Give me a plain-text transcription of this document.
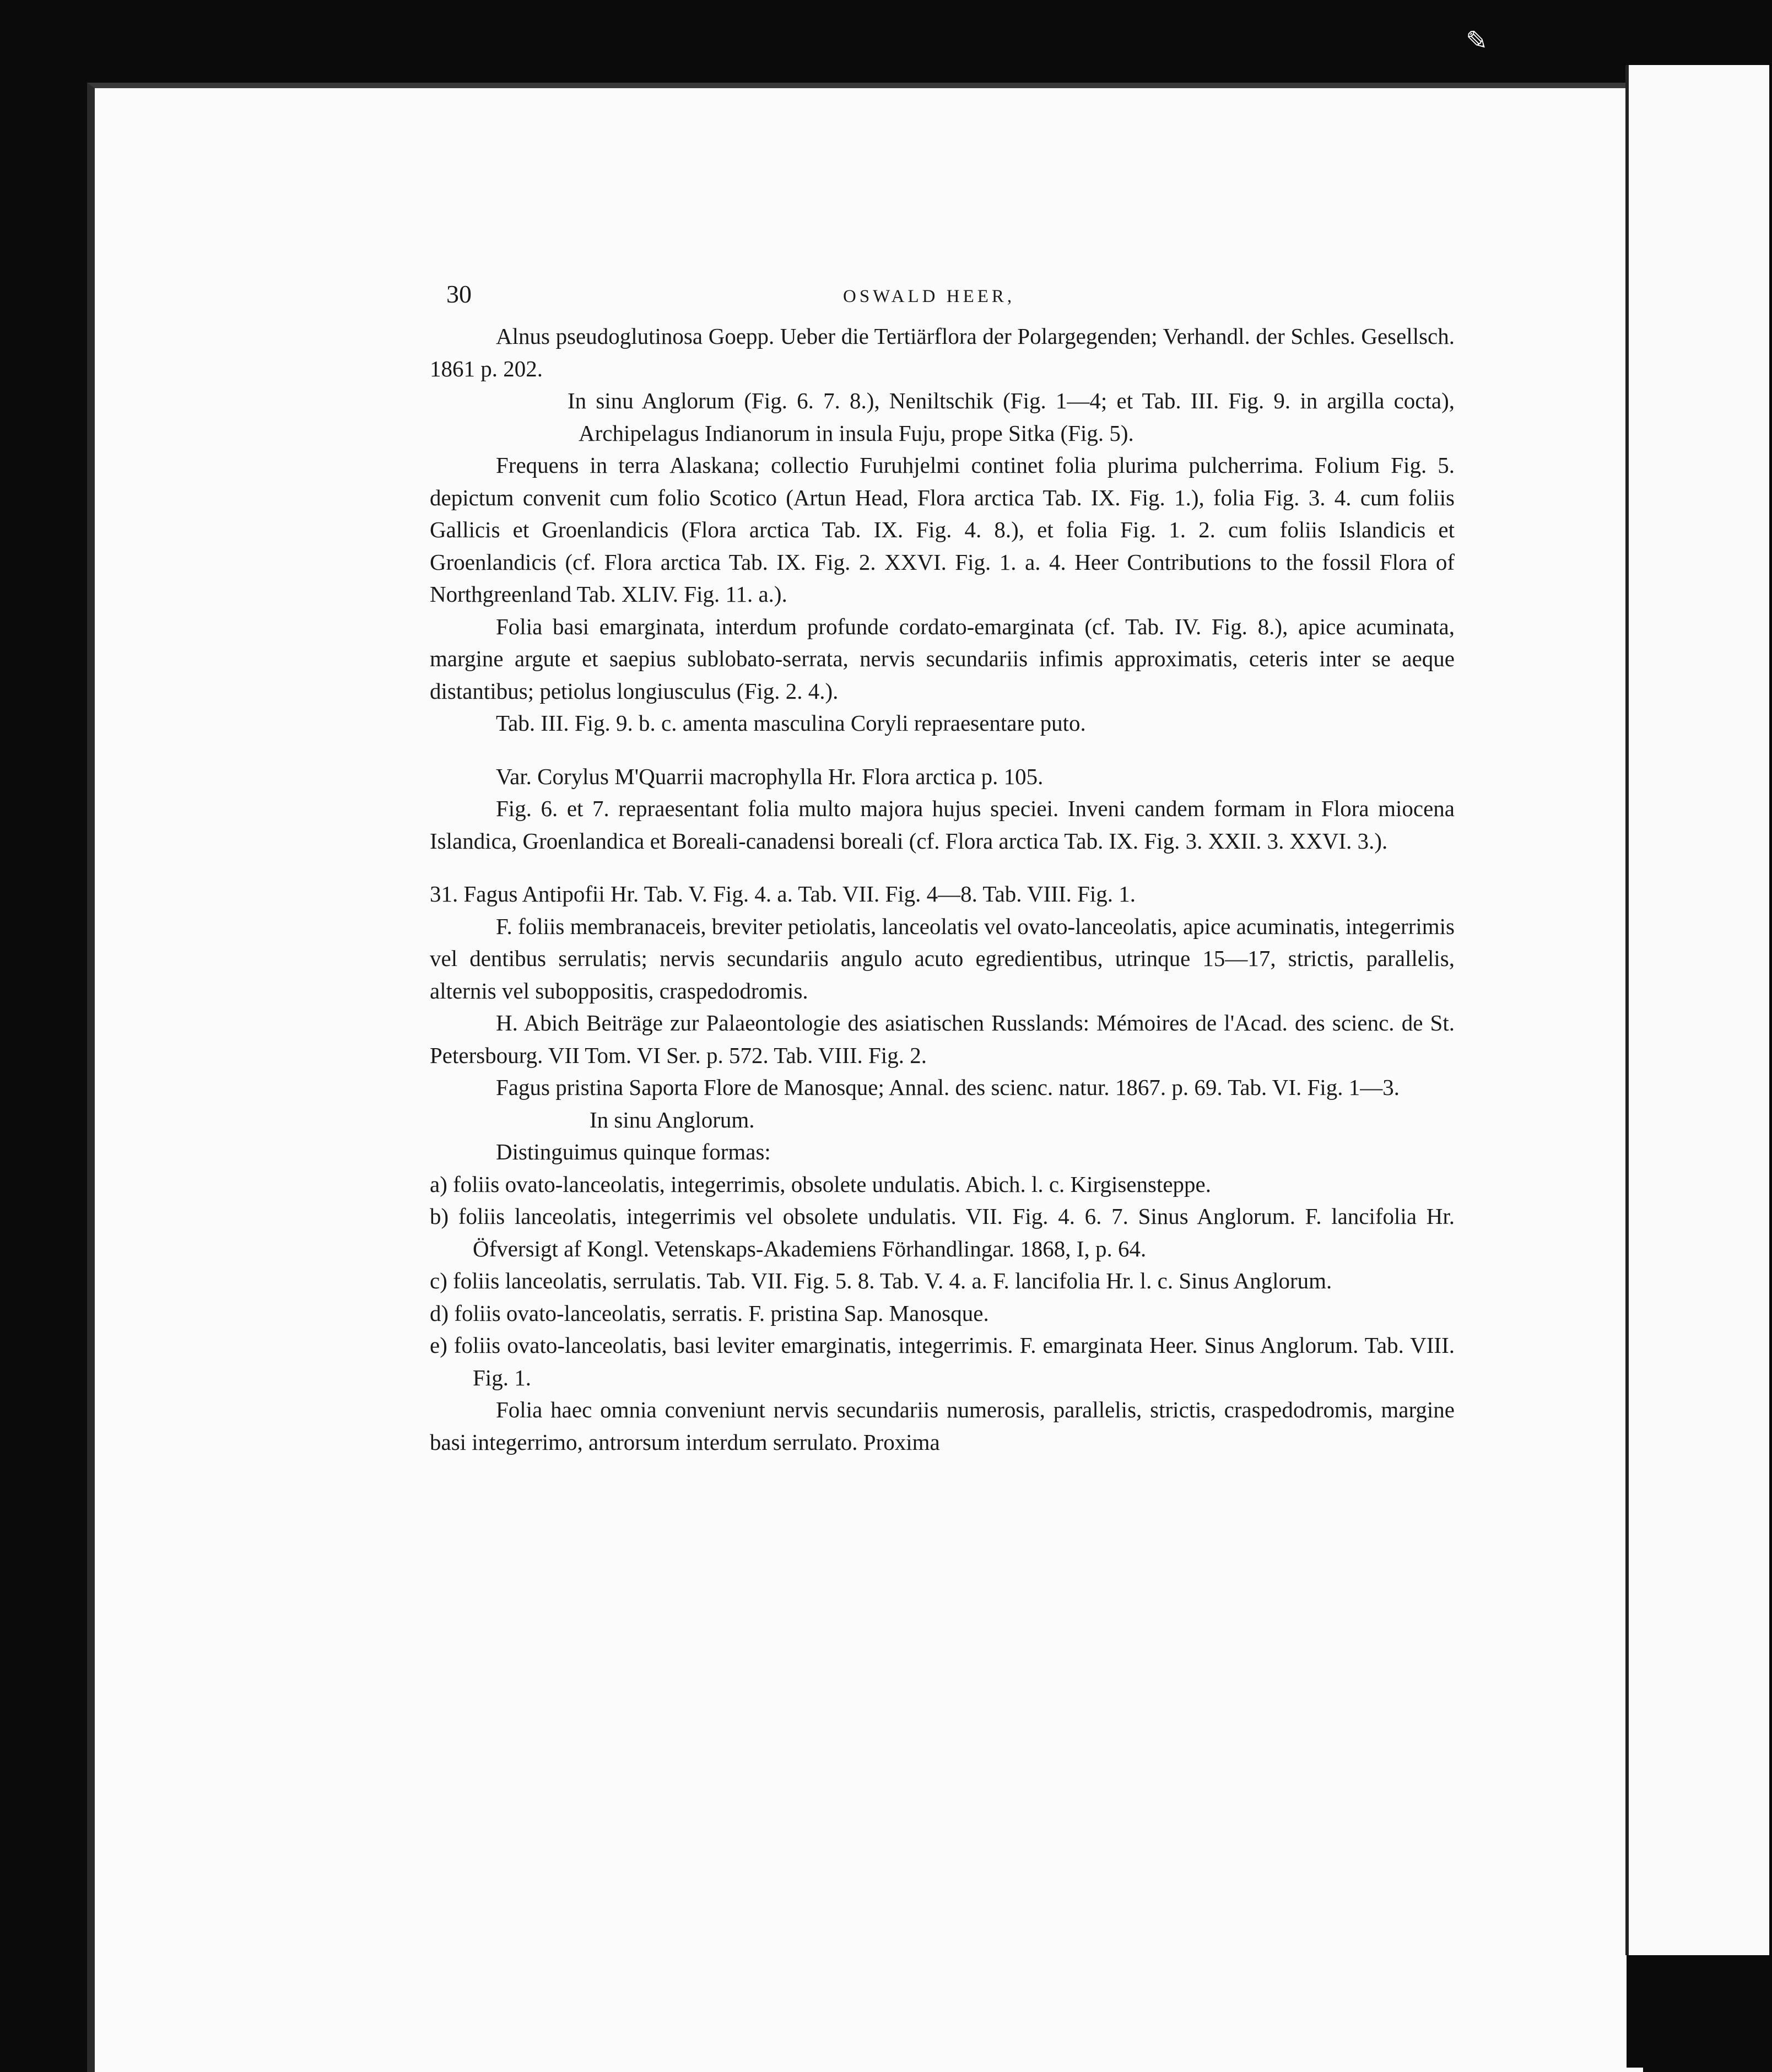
✎
30	OSWALD HEER,

Alnus pseudoglutinosa Goepp. Ueber die Tertiärflora der Polargegenden; Verhandl. der Schles. Gesellsch. 1861 p. 202.

In sinu Anglorum (Fig. 6. 7. 8.), Neniltschik (Fig. 1—4; et Tab. III. Fig. 9. in argilla cocta), Archipelagus Indianorum in insula Fuju, prope Sitka (Fig. 5).

Frequens in terra Alaskana; collectio Furuhjelmi continet folia plurima pulcherrima. Folium Fig. 5. depictum convenit cum folio Scotico (Artun Head, Flora arctica Tab. IX. Fig. 1.), folia Fig. 3. 4. cum foliis Gallicis et Groenlandicis (Flora arctica Tab. IX. Fig. 4. 8.), et folia Fig. 1. 2. cum foliis Islandicis et Groenlandicis (cf. Flora arctica Tab. IX. Fig. 2. XXVI. Fig. 1. a. 4. Heer Contributions to the fossil Flora of Northgreenland Tab. XLIV. Fig. 11. a.).

Folia basi emarginata, interdum profunde cordato-emarginata (cf. Tab. IV. Fig. 8.), apice acuminata, margine argute et saepius sublobato-serrata, nervis secundariis infimis approximatis, ceteris inter se aeque distantibus; petiolus longiusculus (Fig. 2. 4.).

Tab. III. Fig. 9. b. c. amenta masculina Coryli repraesentare puto.

Var. Corylus M'Quarrii macrophylla Hr. Flora arctica p. 105.

Fig. 6. et 7. repraesentant folia multo majora hujus speciei. Inveni candem formam in Flora miocena Islandica, Groenlandica et Boreali-canadensi boreali (cf. Flora arctica Tab. IX. Fig. 3. XXII. 3. XXVI. 3.).

31. Fagus Antipofii Hr. Tab. V. Fig. 4. a. Tab. VII. Fig. 4—8. Tab. VIII. Fig. 1.

F. foliis membranaceis, breviter petiolatis, lanceolatis vel ovato-lanceolatis, apice acuminatis, integerrimis vel dentibus serrulatis; nervis secundariis angulo acuto egredientibus, utrinque 15—17, strictis, parallelis, alternis vel suboppositis, craspedodromis.

H. Abich Beiträge zur Palaeontologie des asiatischen Russlands: Mémoires de l'Acad. des scienc. de St. Petersbourg. VII Tom. VI Ser. p. 572. Tab. VIII. Fig. 2.

Fagus pristina Saporta Flore de Manosque; Annal. des scienc. natur. 1867. p. 69. Tab. VI. Fig. 1—3.

In sinu Anglorum.

Distinguimus quinque formas:

a) foliis ovato-lanceolatis, integerrimis, obsolete undulatis. Abich. l. c. Kirgisensteppe.

b) foliis lanceolatis, integerrimis vel obsolete undulatis. VII. Fig. 4. 6. 7. Sinus Anglorum. F. lancifolia Hr. Öfversigt af Kongl. Vetenskaps-Akademiens Förhandlingar. 1868, I, p. 64.

c) foliis lanceolatis, serrulatis. Tab. VII. Fig. 5. 8. Tab. V. 4. a. F. lancifolia Hr. l. c. Sinus Anglorum.

d) foliis ovato-lanceolatis, serratis. F. pristina Sap. Manosque.

e) foliis ovato-lanceolatis, basi leviter emarginatis, integerrimis. F. emarginata Heer. Sinus Anglorum. Tab. VIII. Fig. 1.

Folia haec omnia conveniunt nervis secundariis numerosis, parallelis, strictis, craspedodromis, margine basi integerrimo, antrorsum interdum serrulato. Proxima
